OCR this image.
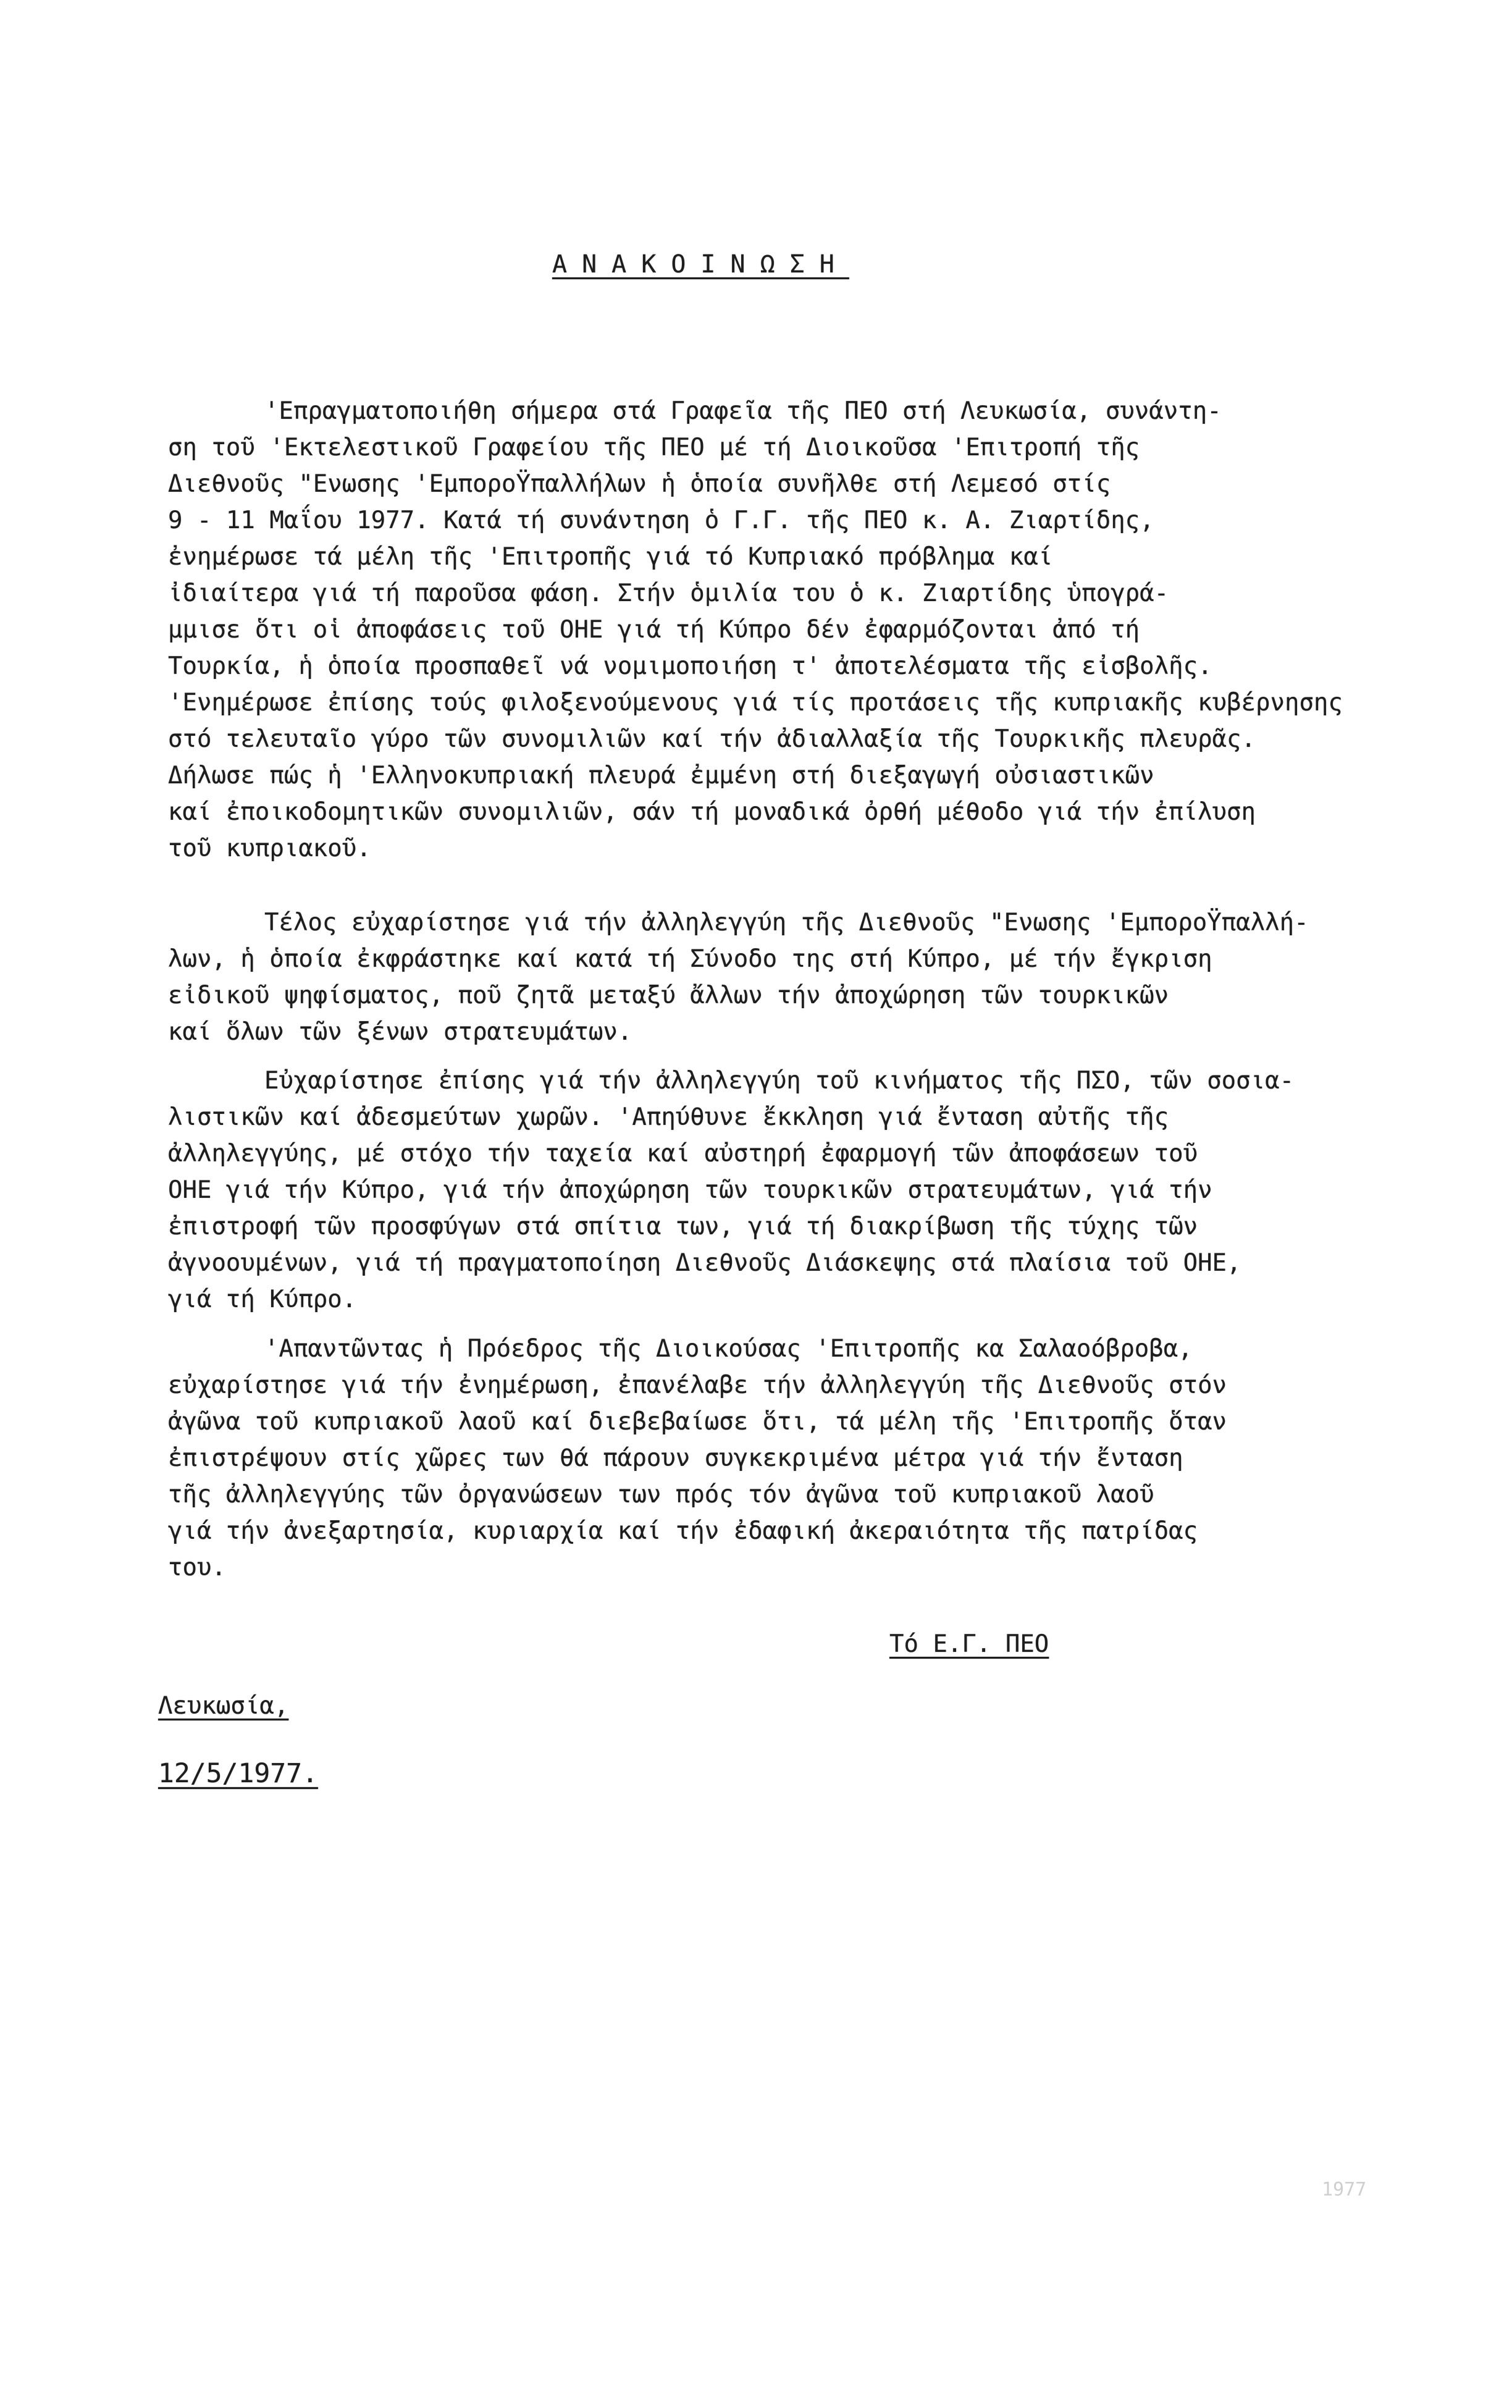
ΑΝΑΚΟΙΝΩΣΗ
'Επραγματοποιήθη σήμερα στά Γραφεῖα τῆς ΠΕΟ στή Λευκωσία, συνάντη-
ση τοῦ 'Εκτελεστικοῦ Γραφείου τῆς ΠΕΟ μέ τή Διοικοῦσα 'Επιτροπή τῆς
Διεθνοῦς "Ενωσης 'ΕμποροΫπαλλήλων ἡ ὁποία συνῆλθε στή Λεμεσό στίς
9 - 11 Μαΐου 1977. Κατά τή συνάντηση ὁ Γ.Γ. τῆς ΠΕΟ κ. Α. Ζιαρτίδης,
ἐνημέρωσε τά μέλη τῆς 'Επιτροπῆς γιά τό Κυπριακό πρόβλημα καί
ἰδιαίτερα γιά τή παροῦσα φάση. Στήν ὁμιλία του ὁ κ. Ζιαρτίδης ὑπογρά-
μμισε ὅτι οἱ ἀποφάσεις τοῦ ΟΗΕ γιά τή Κύπρο δέν ἐφαρμόζονται ἀπό τή
Τουρκία, ἡ ὁποία προσπαθεῖ νά νομιμοποιήση τ' ἀποτελέσματα τῆς εἰσβολῆς.
'Ενημέρωσε ἐπίσης τούς φιλοξενούμενους γιά τίς προτάσεις τῆς κυπριακῆς κυβέρνησης
στό τελευταῖο γύρο τῶν συνομιλιῶν καί τήν ἀδιαλλαξία τῆς Τουρκικῆς πλευρᾶς.
Δήλωσε πώς ἡ 'Ελληνοκυπριακή πλευρά ἐμμένη στή διεξαγωγή οὐσιαστικῶν
καί ἐποικοδομητικῶν συνομιλιῶν, σάν τή μοναδικά ὀρθή μέθοδο γιά τήν ἐπίλυση
τοῦ κυπριακοῦ.
Τέλος εὐχαρίστησε γιά τήν ἀλληλεγγύη τῆς Διεθνοῦς "Ενωσης 'ΕμποροΫπαλλή-
λων, ἡ ὁποία ἐκφράστηκε καί κατά τή Σύνοδο της στή Κύπρο, μέ τήν ἔγκριση
εἰδικοῦ ψηφίσματος, ποῦ ζητᾶ μεταξύ ἄλλων τήν ἀποχώρηση τῶν τουρκικῶν
καί ὅλων τῶν ξένων στρατευμάτων.
Εὐχαρίστησε ἐπίσης γιά τήν ἀλληλεγγύη τοῦ κινήματος τῆς ΠΣΟ, τῶν σοσια-
λιστικῶν καί ἀδεσμεύτων χωρῶν. 'Απηύθυνε ἔκκληση γιά ἔνταση αὐτῆς τῆς
ἀλληλεγγύης, μέ στόχο τήν ταχεία καί αὐστηρή ἐφαρμογή τῶν ἀποφάσεων τοῦ
ΟΗΕ γιά τήν Κύπρο, γιά τήν ἀποχώρηση τῶν τουρκικῶν στρατευμάτων, γιά τήν
ἐπιστροφή τῶν προσφύγων στά σπίτια των, γιά τή διακρίβωση τῆς τύχης τῶν
ἀγνοουμένων, γιά τή πραγματοποίηση Διεθνοῦς Διάσκεψης στά πλαίσια τοῦ ΟΗΕ,
γιά τή Κύπρο.
'Απαντῶντας ἡ Πρόεδρος τῆς Διοικούσας 'Επιτροπῆς κα Σαλαοόβροβα,
εὐχαρίστησε γιά τήν ἐνημέρωση, ἐπανέλαβε τήν ἀλληλεγγύη τῆς Διεθνοῦς στόν
ἀγῶνα τοῦ κυπριακοῦ λαοῦ καί διεβεβαίωσε ὅτι, τά μέλη τῆς 'Επιτροπῆς ὅταν
ἐπιστρέψουν στίς χῶρες των θά πάρουν συγκεκριμένα μέτρα γιά τήν ἔνταση
τῆς ἀλληλεγγύης τῶν ὀργανώσεων των πρός τόν ἀγῶνα τοῦ κυπριακοῦ λαοῦ
γιά τήν ἀνεξαρτησία, κυριαρχία καί τήν ἐδαφική ἀκεραιότητα τῆς πατρίδας
του.
Τό Ε.Γ. ΠΕΟ
Λευκωσία,
12/5/1977.
1977
